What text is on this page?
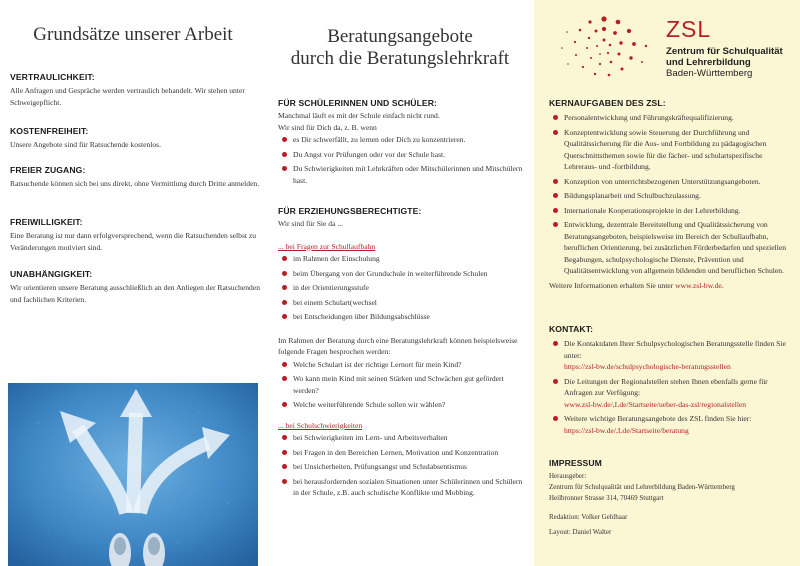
Grundsätze unserer Arbeit
VERTRAULICHKEIT:

Alle Anfragen und Gespräche werden vertraulich behandelt. Wir stehen unter Schweigepflicht.

KOSTENFREIHEIT:

Unsere Angebote sind für Ratsuchende kostenlos.

FREIER ZUGANG:

Ratsuchende können sich bei uns direkt, ohne Vermittlung durch Dritte anmelden.

FREIWILLIGKEIT:

Eine Beratung ist nur dann erfolgversprechend, wenn die Ratsuchenden selbst zu Veränderungen motiviert sind.

UNABHÄNGIGKEIT:

Wir orientieren unsere Beratung ausschließlich an den Anliegen der Ratsuchenden und fachlichen Kriterien.

Beratungsangebote
durch die Beratungslehrkraft
FÜR SCHÜLERINNEN UND SCHÜLER:

Manchmal läuft es mit der Schule einfach nicht rund.

Wir sind für Dich da, z. B. wenn

es Dir schwerfällt, zu lernen oder Dich zu konzentrieren.
Du Angst vor Prüfungen oder vor der Schule hast.
Du Schwierigkeiten mit Lehrkräften oder Mitschülerinnen und Mitschülern hast.
FÜR ERZIEHUNGSBERECHTIGTE:

Wir sind für Sie da ...

... bei Fragen zur Schullaufbahn

im Rahmen der Einschulung
beim Übergang von der Grundschule in weiterführende Schulen
in der Orientierungsstufe
bei einem Schulart(wechsel
bei Entscheidungen über Bildungsabschlüsse

Im Rahmen der Beratung durch eine Beratungslehrkraft können beispielsweise folgende Fragen besprochen werden:

Welche Schulart ist der richtige Lernort für mein Kind?
Wo kann mein Kind mit seinen Stärken und Schwächen gut gefördert werden?
Welche weiterführende Schule sollen wir wählen?

... bei Schulschwierigkeiten

bei Schwierigkeiten im Lern- und Arbeitsverhalten
bei Fragen in den Bereichen Lernen, Motivation und Konzentration
bei Unsicherheiten, Prüfungsangst und Schulabsentismus
bei herausfordernden sozialen Situationen unter Schülerinnen und Schülern in der Schule, z.B. auch schulische Konflikte und Mobbing.
ZSL
Zentrum für Schulqualität
und Lehrerbildung
Baden-Württemberg
KERNAUFGABEN DES ZSL:
Personalentwicklung und Führungskräftequalifizierung.
Konzeptentwicklung sowie Steuerung der Durchführung und Qualitätssicherung für die Aus- und Fortbildung zu pädagogischen Querschnittsthemen sowie für die fächer- und schulartspezifische Lehreraus- und -fortbildung.
Konzeption von unterrichtsbezogenen Unterstützungsangeboten.
Bildungsplanarbeit und Schulbuchzulassung.
Internationale Kooperationsprojekte in der Lehrerbildung.
Entwicklung, dezentrale Bereitstellung und Qualitätssicherung von Beratungsangeboten, beispielsweise im Bereich der Schullaufbahn, beruflichen Orientierung, bei zusätzlichen Förderbedarfen und speziellen Begabungen, schulpsychologische Dienste, Prävention und Qualitätsentwicklung von allgemein bildenden und beruflichen Schulen.

Weitere Informationen erhalten Sie unter www.zsl-bw.de.

KONTAKT:
Die Kontaktdaten Ihrer Schulpsychologischen Beratungsstelle finden Sie unter:
https://zsl-bw.de/schulpsychologische-beratungsstellen
Die Leitungen der Regionalstellen stehen Ihnen ebenfalls gerne für Anfragen zur Verfügung:
www.zsl-bw.de/,Lde/Startseite/ueber-das-zsl/regionalstellen
Weitere wichtige Beratungsangebote des ZSL finden Sie hier:
https://zsl-bw.de/,Lde/Startseite/beratung
IMPRESSUM

Herausgeber:

Zentrum für Schulqualität und Lehrerbildung Baden-Württemberg

Heilbronner Strasse 314, 70469 Stuttgart

Redaktion: Volker Gehlhaar

Layout: Daniel Walter
